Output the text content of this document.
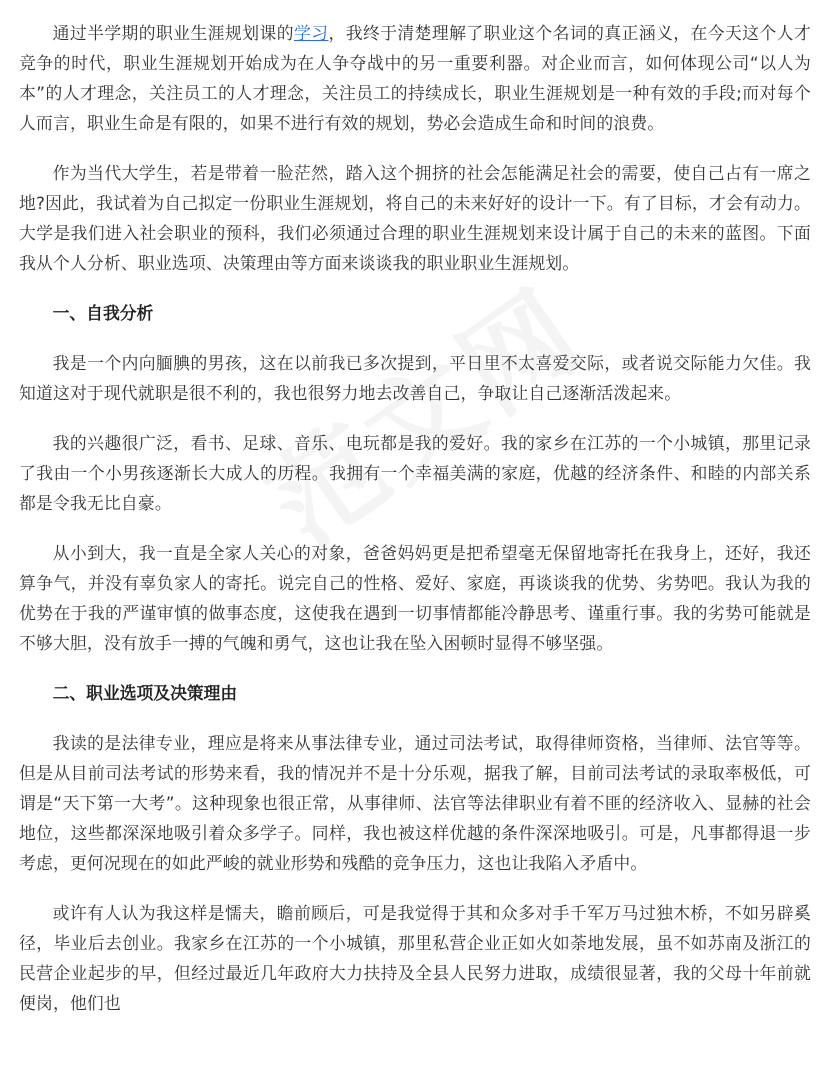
通过半学期的职业生涯规划课的学习，我终于清楚理解了职业这个名词的真正涵义，在今天这个人才竞争的时代，职业生涯规划开始成为在人争夺战中的另一重要利器。对企业而言，如何体现公司“以人为本”的人才理念，关注员工的人才理念，关注员工的持续成长，职业生涯规划是一种有效的手段;而对每个人而言，职业生命是有限的，如果不进行有效的规划，势必会造成生命和时间的浪费。

作为当代大学生，若是带着一脸茫然，踏入这个拥挤的社会怎能满足社会的需要，使自己占有一席之地?因此，我试着为自己拟定一份职业生涯规划，将自己的未来好好的设计一下。有了目标，才会有动力。大学是我们进入社会职业的预科，我们必须通过合理的职业生涯规划来设计属于自己的未来的蓝图。下面我从个人分析、职业选项、决策理由等方面来谈谈我的职业职业生涯规划。

一、自我分析

我是一个内向腼腆的男孩，这在以前我已多次提到，平日里不太喜爱交际，或者说交际能力欠佳。我知道这对于现代就职是很不利的，我也很努力地去改善自己，争取让自己逐渐活泼起来。

我的兴趣很广泛，看书、足球、音乐、电玩都是我的爱好。我的家乡在江苏的一个小城镇，那里记录了我由一个小男孩逐渐长大成人的历程。我拥有一个幸福美满的家庭，优越的经济条件、和睦的内部关系都是令我无比自豪。

从小到大，我一直是全家人关心的对象，爸爸妈妈更是把希望毫无保留地寄托在我身上，还好，我还算争气，并没有辜负家人的寄托。说完自己的性格、爱好、家庭，再谈谈我的优势、劣势吧。我认为我的优势在于我的严谨审慎的做事态度，这使我在遇到一切事情都能冷静思考、谨重行事。我的劣势可能就是不够大胆，没有放手一搏的气魄和勇气，这也让我在坠入困顿时显得不够坚强。

二、职业选项及决策理由

我读的是法律专业，理应是将来从事法律专业，通过司法考试，取得律师资格，当律师、法官等等。但是从目前司法考试的形势来看，我的情况并不是十分乐观，据我了解，目前司法考试的录取率极低，可谓是“天下第一大考”。这种现象也很正常，从事律师、法官等法律职业有着不匪的经济收入、显赫的社会地位，这些都深深地吸引着众多学子。同样，我也被这样优越的条件深深地吸引。可是，凡事都得退一步考虑，更何况现在的如此严峻的就业形势和残酷的竞争压力，这也让我陷入矛盾中。

或许有人认为我这样是懦夫，瞻前顾后，可是我觉得于其和众多对手千军万马过独木桥，不如另辟奚径，毕业后去创业。我家乡在江苏的一个小城镇，那里私营企业正如火如荼地发展，虽不如苏南及浙江的民营企业起步的早，但经过最近几年政府大力扶持及全县人民努力进取，成绩很显著，我的父母十年前就便岗，他们也
